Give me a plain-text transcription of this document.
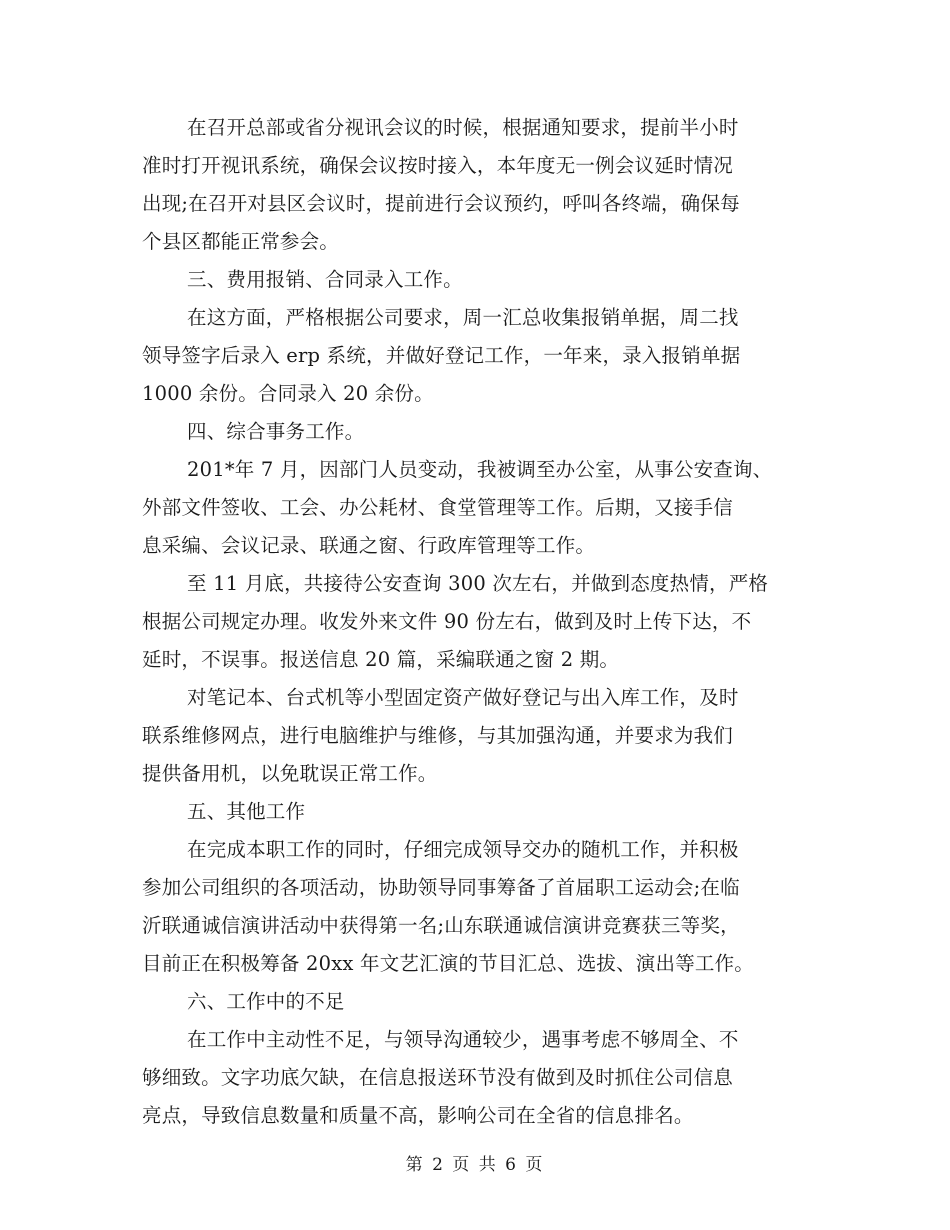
在召开总部或省分视讯会议的时候，根据通知要求，提前半小时
准时打开视讯系统，确保会议按时接入，本年度无一例会议延时情况
出现;在召开对县区会议时，提前进行会议预约，呼叫各终端，确保每
个县区都能正常参会。
三、费用报销、合同录入工作。
在这方面，严格根据公司要求，周一汇总收集报销单据，周二找
领导签字后录入 erp 系统，并做好登记工作，一年来，录入报销单据
1000 余份。合同录入 20 余份。
四、综合事务工作。
201*年 7 月，因部门人员变动，我被调至办公室，从事公安查询、
外部文件签收、工会、办公耗材、食堂管理等工作。后期，又接手信
息采编、会议记录、联通之窗、行政库管理等工作。
至 11 月底，共接待公安查询 300 次左右，并做到态度热情，严格
根据公司规定办理。收发外来文件 90 份左右，做到及时上传下达，不
延时，不误事。报送信息 20 篇，采编联通之窗 2 期。
对笔记本、台式机等小型固定资产做好登记与出入库工作，及时
联系维修网点，进行电脑维护与维修，与其加强沟通，并要求为我们
提供备用机，以免耽误正常工作。
五、其他工作
在完成本职工作的同时，仔细完成领导交办的随机工作，并积极
参加公司组织的各项活动，协助领导同事筹备了首届职工运动会;在临
沂联通诚信演讲活动中获得第一名;山东联通诚信演讲竞赛获三等奖，
目前正在积极筹备 20xx 年文艺汇演的节目汇总、选拔、演出等工作。
六、工作中的不足
在工作中主动性不足，与领导沟通较少，遇事考虑不够周全、不
够细致。文字功底欠缺，在信息报送环节没有做到及时抓住公司信息
亮点，导致信息数量和质量不高，影响公司在全省的信息排名。
第 2 页 共 6 页
